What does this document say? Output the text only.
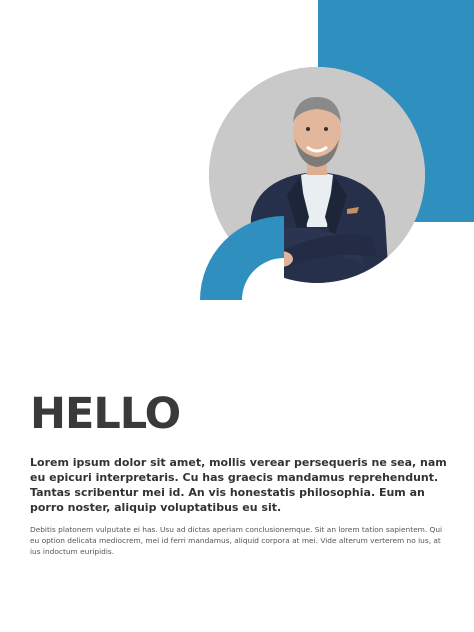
HELLO

Lorem ipsum dolor sit amet, mollis verear persequeris ne sea, nam eu epicuri interpretaris. Cu has graecis mandamus reprehendunt. Tantas scribentur mei id. An vis honestatis philosophia. Eum an porro noster, aliquip voluptatibus eu sit.

Debitis platonem vulputate ei has. Usu ad dictas aperiam conclusionemque. Sit an lorem tation sapientem. Qui eu option delicata mediocrem, mei id ferri mandamus, aliquid corpora at mei. Vide alterum verterem no ius, at ius indoctum euripidis.
